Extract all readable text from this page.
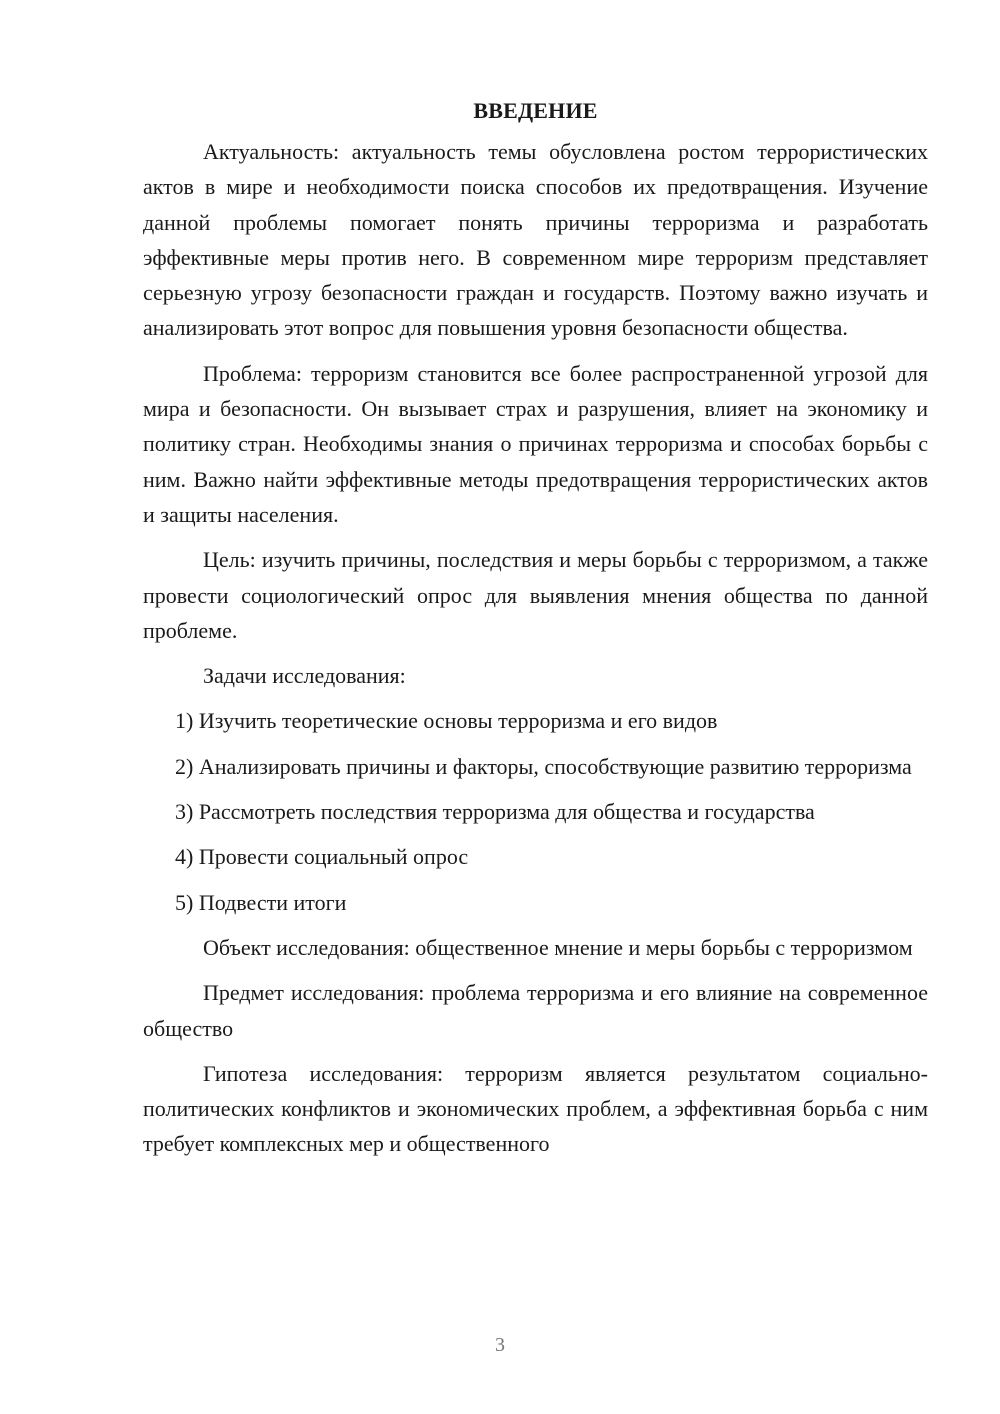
ВВЕДЕНИЕ

Актуальность: актуальность темы обусловлена ростом террористических актов в мире и необходимости поиска способов их предотвращения. Изучение данной проблемы помогает понять причины терроризма и разработать эффективные меры против него. В современном мире терроризм представляет серьезную угрозу безопасности граждан и государств. Поэтому важно изучать и анализировать этот вопрос для повышения уровня безопасности общества.

Проблема: терроризм становится все более распространенной угрозой для мира и безопасности. Он вызывает страх и разрушения, влияет на экономику и политику стран. Необходимы знания о причинах терроризма и способах борьбы с ним. Важно найти эффективные методы предотвращения террористических актов и защиты населения.

Цель: изучить причины, последствия и меры борьбы с терроризмом, а также провести социологический опрос для выявления мнения общества по данной проблеме.

Задачи исследования:

1) Изучить теоретические основы терроризма и его видов

2) Анализировать причины и факторы, способствующие развитию терроризма

3) Рассмотреть последствия терроризма для общества и государства

4) Провести социальный опрос

5) Подвести итоги

Объект исследования: общественное мнение и меры борьбы с терроризмом

Предмет исследования: проблема терроризма и его влияние на современное общество

Гипотеза исследования: терроризм является результатом социально-политических конфликтов и экономических проблем, а эффективная борьба с ним требует комплексных мер и общественного

3
